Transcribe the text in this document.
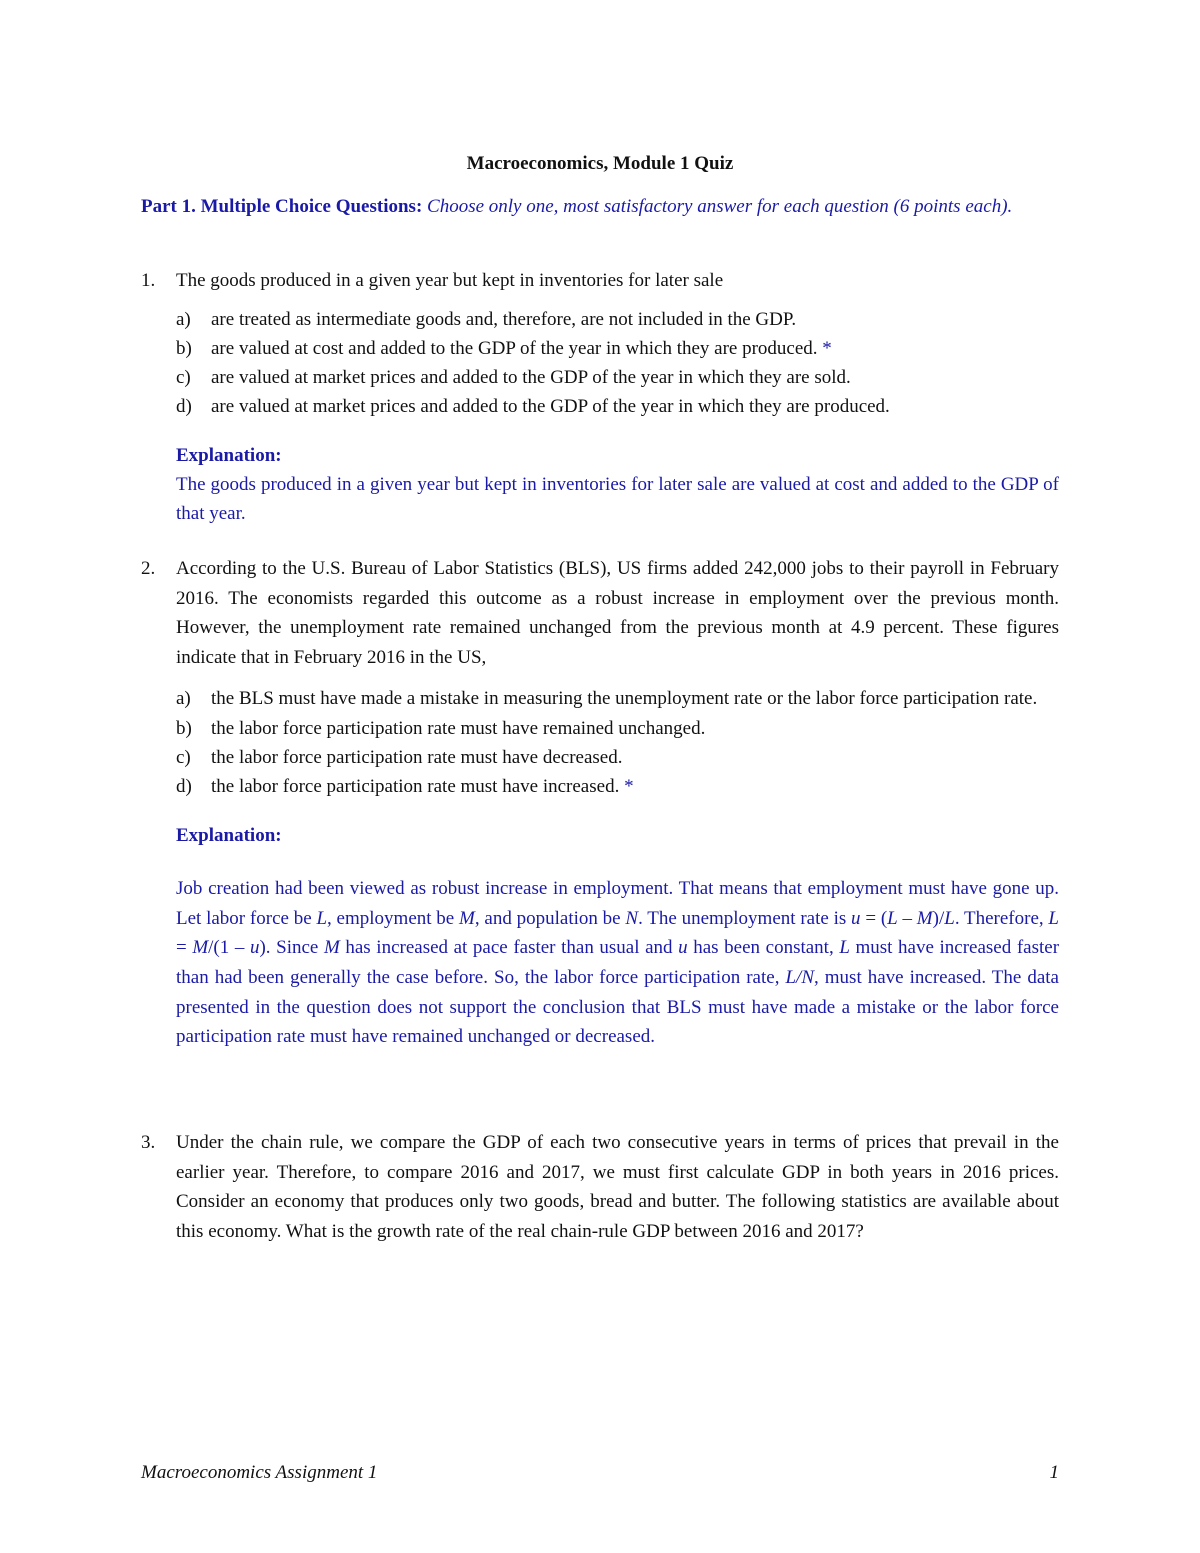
Macroeconomics, Module 1 Quiz
Part 1. Multiple Choice Questions: Choose only one, most satisfactory answer for each question (6 points each).
1. The goods produced in a given year but kept in inventories for later sale
a) are treated as intermediate goods and, therefore, are not included in the GDP.
b) are valued at cost and added to the GDP of the year in which they are produced. *
c) are valued at market prices and added to the GDP of the year in which they are sold.
d) are valued at market prices and added to the GDP of the year in which they are produced.
Explanation:
The goods produced in a given year but kept in inventories for later sale are valued at cost and added to the GDP of that year.
2. According to the U.S. Bureau of Labor Statistics (BLS), US firms added 242,000 jobs to their payroll in February 2016. The economists regarded this outcome as a robust increase in employment over the previous month. However, the unemployment rate remained unchanged from the previous month at 4.9 percent. These figures indicate that in February 2016 in the US,
a) the BLS must have made a mistake in measuring the unemployment rate or the labor force participation rate.
b) the labor force participation rate must have remained unchanged.
c) the labor force participation rate must have decreased.
d) the labor force participation rate must have increased. *
Explanation:
Job creation had been viewed as robust increase in employment. That means that employment must have gone up. Let labor force be L, employment be M, and population be N. The unemployment rate is u = (L – M)/L. Therefore, L = M/(1 – u). Since M has increased at pace faster than usual and u has been constant, L must have increased faster than had been generally the case before. So, the labor force participation rate, L/N, must have increased. The data presented in the question does not support the conclusion that BLS must have made a mistake or the labor force participation rate must have remained unchanged or decreased.
3. Under the chain rule, we compare the GDP of each two consecutive years in terms of prices that prevail in the earlier year. Therefore, to compare 2016 and 2017, we must first calculate GDP in both years in 2016 prices. Consider an economy that produces only two goods, bread and butter. The following statistics are available about this economy. What is the growth rate of the real chain-rule GDP between 2016 and 2017?
Macroeconomics Assignment 1	1
